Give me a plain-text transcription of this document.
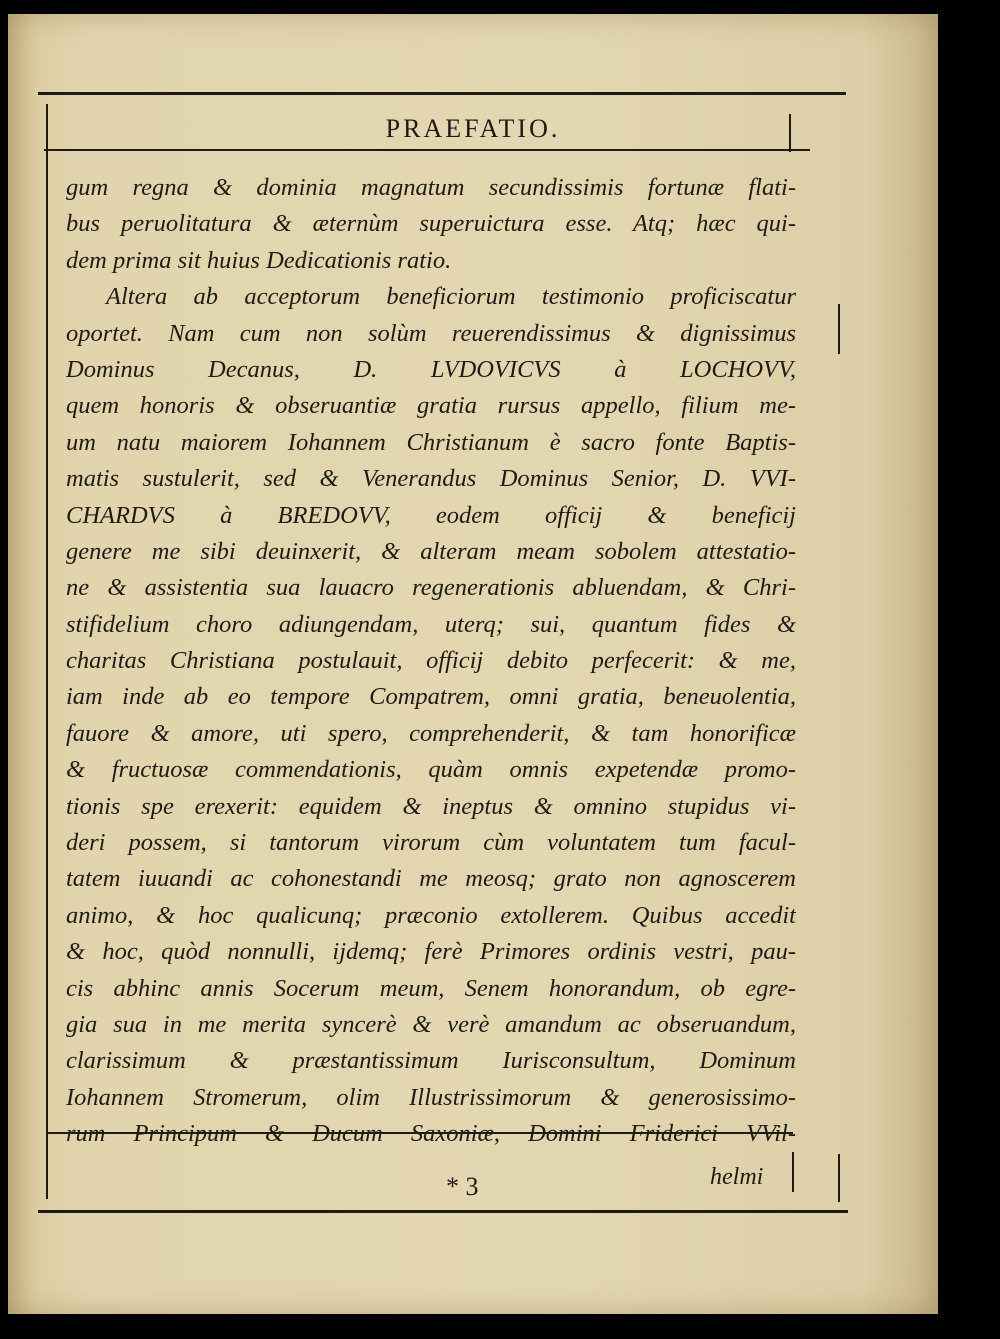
PRAEFATIO.
gum regna & dominia magnatum secundissimis fortunæ flati-
bus peruolitatura & æternùm superuictura esse. Atq; hæc qui-
dem prima sit huius Dedicationis ratio.
Altera ab acceptorum beneficiorum testimonio proficiscatur
oportet. Nam cum non solùm reuerendissimus & dignissimus
Dominus Decanus, D. LVDOVICVS à LOCHOVV,
quem honoris & obseruantiæ gratia rursus appello, filium me-
um natu maiorem Iohannem Christianum è sacro fonte Baptis-
matis sustulerit, sed & Venerandus Dominus Senior, D. VVI-
CHARDVS à BREDOVV, eodem officij & beneficij
genere me sibi deuinxerit, & alteram meam sobolem attestatio-
ne & assistentia sua lauacro regenerationis abluendam, & Chri-
stifidelium choro adiungendam, uterq; sui, quantum fides &
charitas Christiana postulauit, officij debito perfecerit: & me,
iam inde ab eo tempore Compatrem, omni gratia, beneuolentia,
fauore & amore, uti spero, comprehenderit, & tam honorificæ
& fructuosæ commendationis, quàm omnis expetendæ promo-
tionis spe erexerit: equidem & ineptus & omnino stupidus vi-
deri possem, si tantorum virorum cùm voluntatem tum facul-
tatem iuuandi ac cohonestandi me meosq; grato non agnoscerem
animo, & hoc qualicunq; præconio extollerem. Quibus accedit
& hoc, quòd nonnulli, ijdemq; ferè Primores ordinis vestri, pau-
cis abhinc annis Socerum meum, Senem honorandum, ob egre-
gia sua in me merita syncerè & verè amandum ac obseruandum,
clarissimum & præstantissimum Iurisconsultum, Dominum
Iohannem Stromerum, olim Illustrissimorum & generosissimo-
rum Principum & Ducum Saxoniæ, Domini Friderici VVil-
* 3	helmi
